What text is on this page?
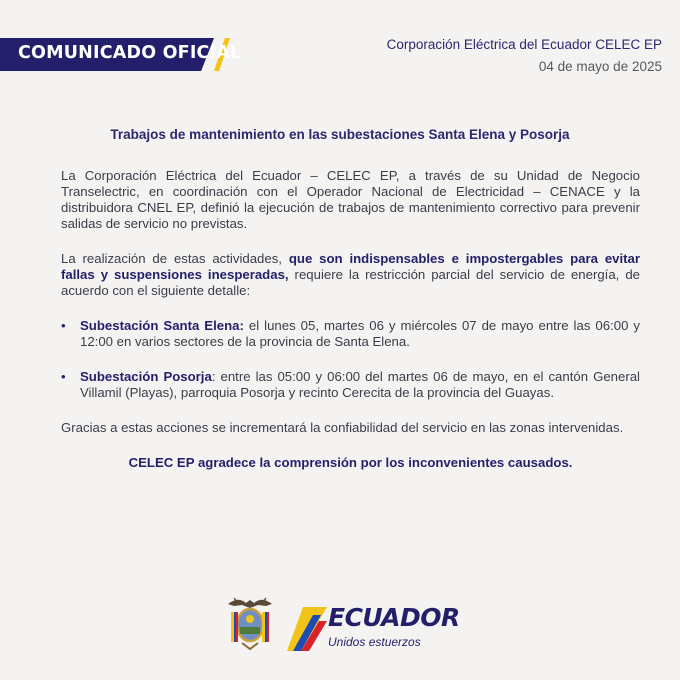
COMUNICADO OFICIAL	Corporación Eléctrica del Ecuador CELEC EP
04 de mayo de 2025
Trabajos de mantenimiento en las subestaciones Santa Elena y Posorja

La Corporación Eléctrica del Ecuador – CELEC EP, a través de su Unidad de Negocio Transelectric, en coordinación con el Operador Nacional de Electricidad – CENACE y la distribuidora CNEL EP, definió la ejecución de trabajos de mantenimiento correctivo para prevenir salidas de servicio no previstas.

La realización de estas actividades, que son indispensables e impostergables para evitar fallas y suspensiones inesperadas, requiere la restricción parcial del servicio de energía, de acuerdo con el siguiente detalle:

• Subestación Santa Elena: el lunes 05, martes 06 y miércoles 07 de mayo entre las 06:00 y 12:00 en varios sectores de la provincia de Santa Elena.
• Subestación Posorja: entre las 05:00 y 06:00 del martes 06 de mayo, en el cantón General Villamil (Playas), parroquia Posorja y recinto Cerecita de la provincia del Guayas.

Gracias a estas acciones se incrementará la confiabilidad del servicio en las zonas intervenidas.

CELEC EP agradece la comprensión por los inconvenientes causados.

ECUADOR
Unidos estuerzos
